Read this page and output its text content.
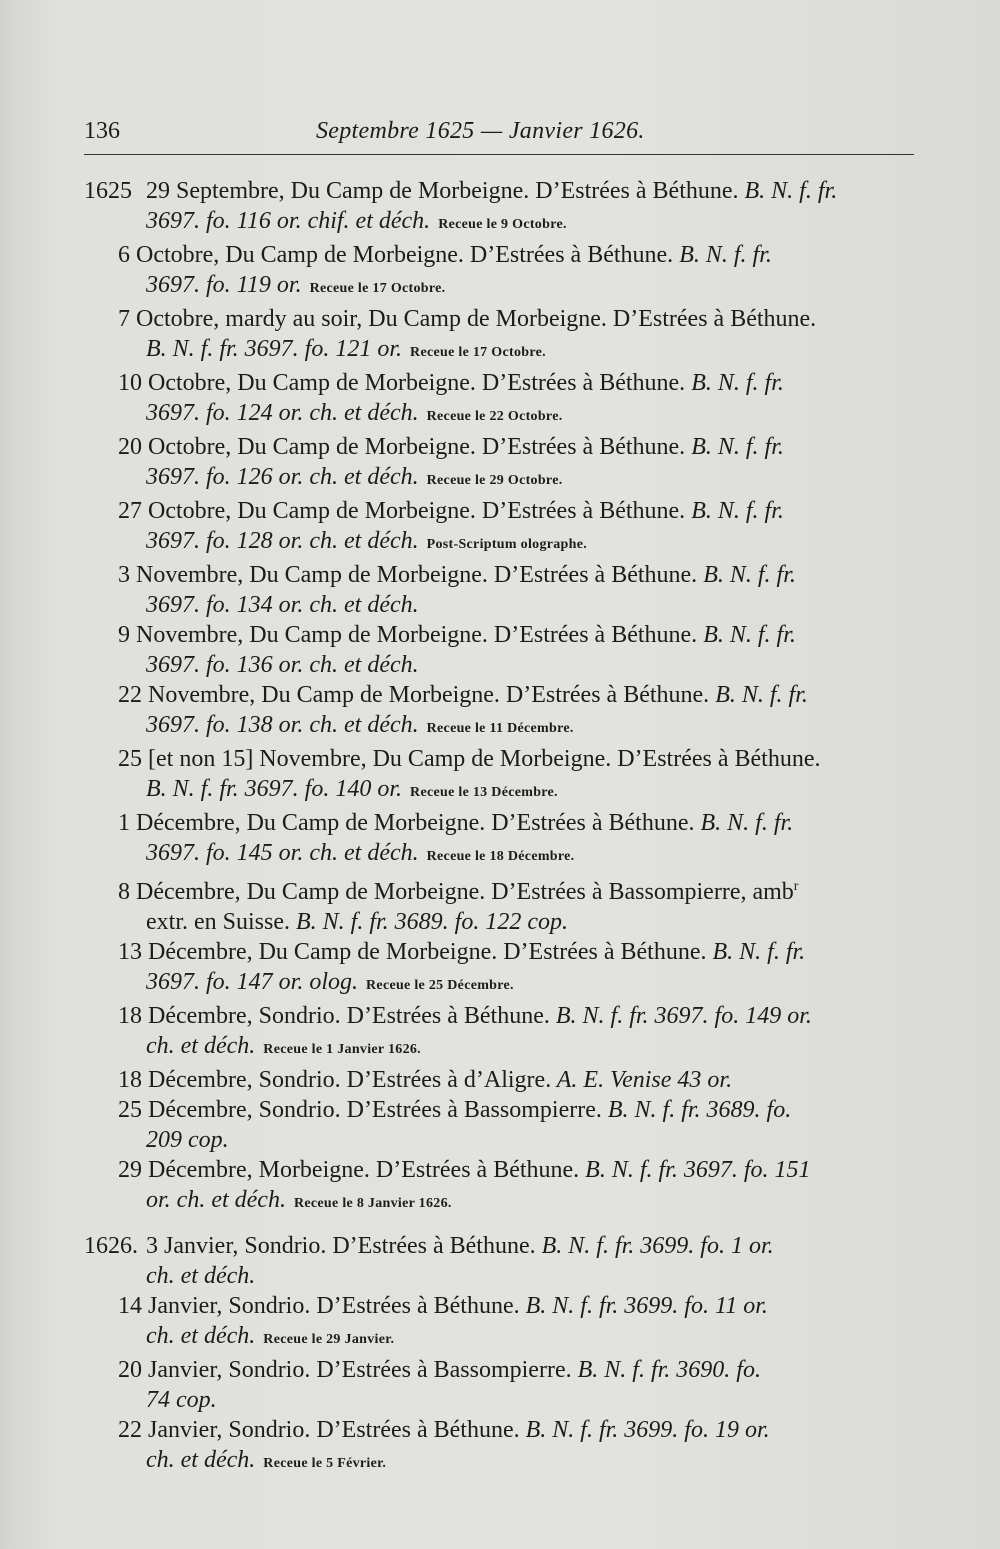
136	Septembre 1625 — Janvier 1626.
1625 29 Septembre, Du Camp de Morbeigne. D’Estrées à Béthune. B. N. f. fr.
3697. fo. 116 or. chif. et déch. Receue le 9 Octobre.
6 Octobre, Du Camp de Morbeigne. D’Estrées à Béthune. B. N. f. fr.
3697. fo. 119 or. Receue le 17 Octobre.
7 Octobre, mardy au soir, Du Camp de Morbeigne. D’Estrées à Béthune.
B. N. f. fr. 3697. fo. 121 or. Receue le 17 Octobre.
10 Octobre, Du Camp de Morbeigne. D’Estrées à Béthune. B. N. f. fr.
3697. fo. 124 or. ch. et déch. Receue le 22 Octobre.
20 Octobre, Du Camp de Morbeigne. D’Estrées à Béthune. B. N. f. fr.
3697. fo. 126 or. ch. et déch. Receue le 29 Octobre.
27 Octobre, Du Camp de Morbeigne. D’Estrées à Béthune. B. N. f. fr.
3697. fo. 128 or. ch. et déch. Post-Scriptum olographe.
3 Novembre, Du Camp de Morbeigne. D’Estrées à Béthune. B. N. f. fr.
3697. fo. 134 or. ch. et déch.
9 Novembre, Du Camp de Morbeigne. D’Estrées à Béthune. B. N. f. fr.
3697. fo. 136 or. ch. et déch.
22 Novembre, Du Camp de Morbeigne. D’Estrées à Béthune. B. N. f. fr.
3697. fo. 138 or. ch. et déch. Receue le 11 Décembre.
25 [et non 15] Novembre, Du Camp de Morbeigne. D’Estrées à Béthune.
B. N. f. fr. 3697. fo. 140 or. Receue le 13 Décembre.
1 Décembre, Du Camp de Morbeigne. D’Estrées à Béthune. B. N. f. fr.
3697. fo. 145 or. ch. et déch. Receue le 18 Décembre.
8 Décembre, Du Camp de Morbeigne. D’Estrées à Bassompierre, amb$^r$
extr. en Suisse. B. N. f. fr. 3689. fo. 122 cop.
13 Décembre, Du Camp de Morbeigne. D’Estrées à Béthune. B. N. f. fr.
3697. fo. 147 or. olog. Receue le 25 Décembre.
18 Décembre, Sondrio. D’Estrées à Béthune. B. N. f. fr. 3697. fo. 149 or.
ch. et déch. Receue le 1 Janvier 1626.
18 Décembre, Sondrio. D’Estrées à d’Aligre. A. E. Venise 43 or.
25 Décembre, Sondrio. D’Estrées à Bassompierre. B. N. f. fr. 3689. fo.
209 cop.
29 Décembre, Morbeigne. D’Estrées à Béthune. B. N. f. fr. 3697. fo. 151
or. ch. et déch. Receue le 8 Janvier 1626.
1626. 3 Janvier, Sondrio. D’Estrées à Béthune. B. N. f. fr. 3699. fo. 1 or.
ch. et déch.
14 Janvier, Sondrio. D’Estrées à Béthune. B. N. f. fr. 3699. fo. 11 or.
ch. et déch. Receue le 29 Janvier.
20 Janvier, Sondrio. D’Estrées à Bassompierre. B. N. f. fr. 3690. fo.
74 cop.
22 Janvier, Sondrio. D’Estrées à Béthune. B. N. f. fr. 3699. fo. 19 or.
ch. et déch. Receue le 5 Février.
